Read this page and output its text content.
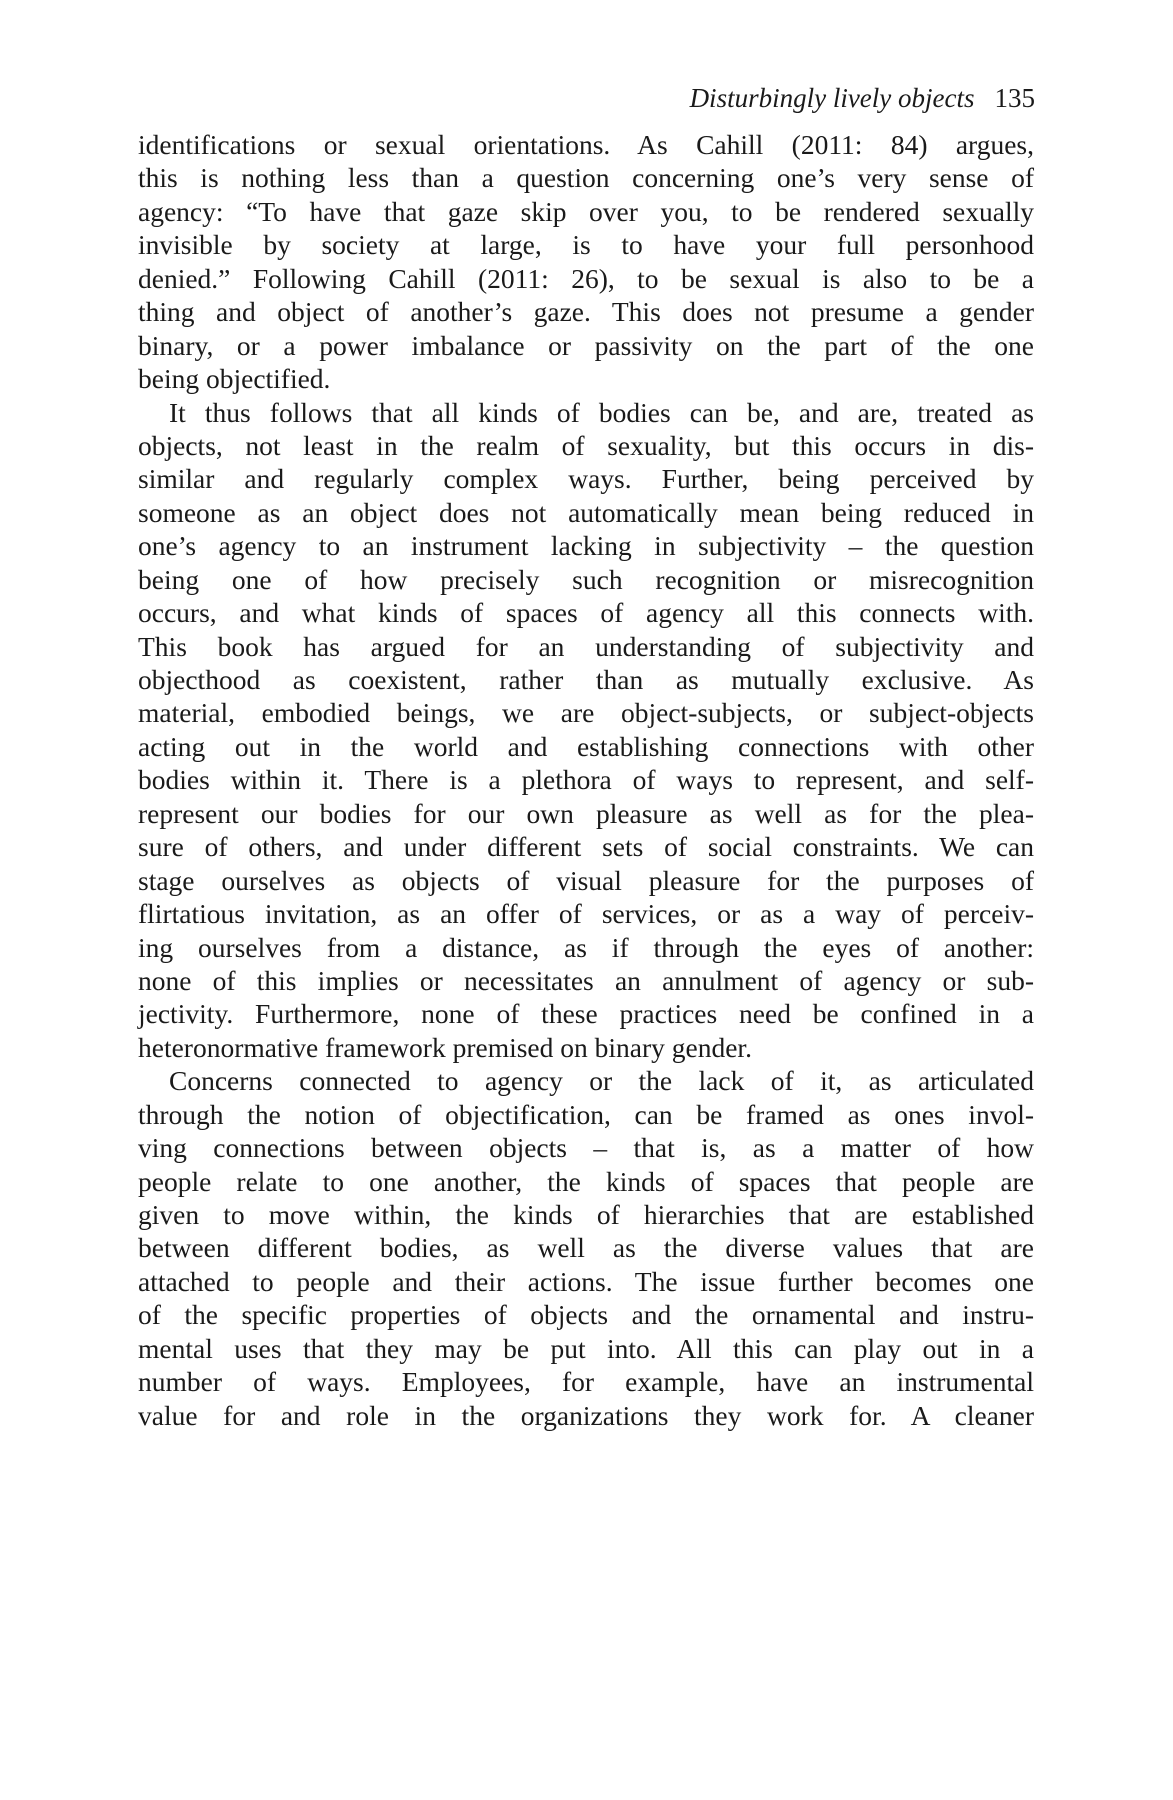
Disturbingly lively objects 135
identifications or sexual orientations. As Cahill (2011: 84) argues,
this is nothing less than a question concerning one’s very sense of
agency: “To have that gaze skip over you, to be rendered sexually
invisible by society at large, is to have your full personhood
denied.” Following Cahill (2011: 26), to be sexual is also to be a
thing and object of another’s gaze. This does not presume a gender
binary, or a power imbalance or passivity on the part of the one
being objectified.
It thus follows that all kinds of bodies can be, and are, treated as
objects, not least in the realm of sexuality, but this occurs in dis-
similar and regularly complex ways. Further, being perceived by
someone as an object does not automatically mean being reduced in
one’s agency to an instrument lacking in subjectivity – the question
being one of how precisely such recognition or misrecognition
occurs, and what kinds of spaces of agency all this connects with.
This book has argued for an understanding of subjectivity and
objecthood as coexistent, rather than as mutually exclusive. As
material, embodied beings, we are object-subjects, or subject-objects
acting out in the world and establishing connections with other
bodies within it. There is a plethora of ways to represent, and self-
represent our bodies for our own pleasure as well as for the plea-
sure of others, and under different sets of social constraints. We can
stage ourselves as objects of visual pleasure for the purposes of
flirtatious invitation, as an offer of services, or as a way of perceiv-
ing ourselves from a distance, as if through the eyes of another:
none of this implies or necessitates an annulment of agency or sub-
jectivity. Furthermore, none of these practices need be confined in a
heteronormative framework premised on binary gender.
Concerns connected to agency or the lack of it, as articulated
through the notion of objectification, can be framed as ones invol-
ving connections between objects – that is, as a matter of how
people relate to one another, the kinds of spaces that people are
given to move within, the kinds of hierarchies that are established
between different bodies, as well as the diverse values that are
attached to people and their actions. The issue further becomes one
of the specific properties of objects and the ornamental and instru-
mental uses that they may be put into. All this can play out in a
number of ways. Employees, for example, have an instrumental
value for and role in the organizations they work for. A cleaner
